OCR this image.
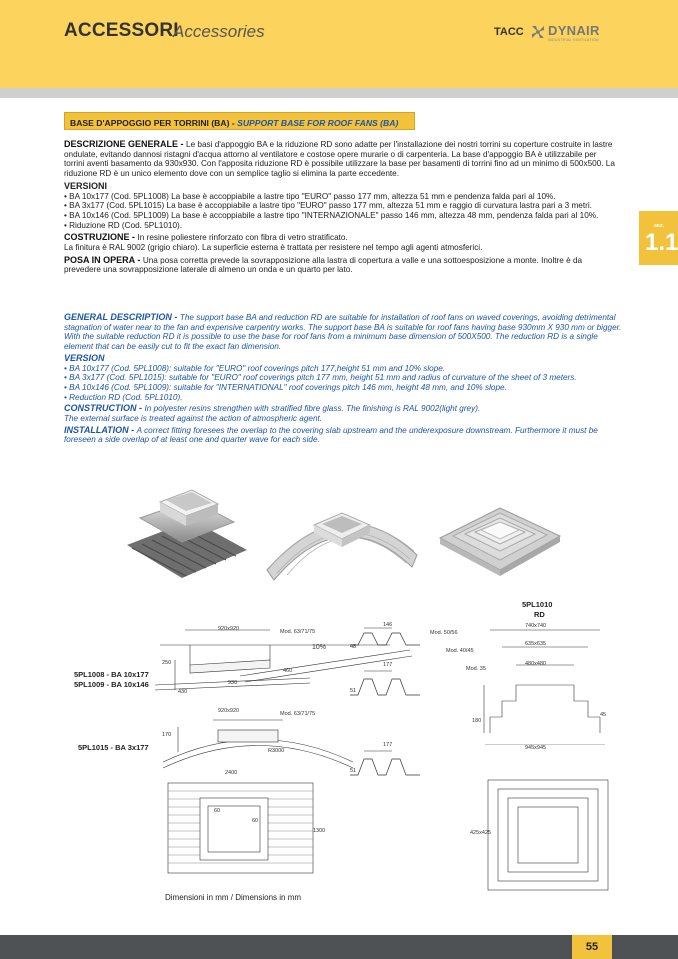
ACCESSORI
Accessories	TACC DYNAIR
INDUSTRIAL VENTILATION
SEZ.
1.1
BASE D'APPOGGIO PER TORRINI (BA) - SUPPORT BASE FOR ROOF FANS (BA)
DESCRIZIONE GENERALE - Le basi d'appoggio BA e la riduzione RD sono adatte per l'installazione dei nostri torrini su coperture costruite in lastre ondulate, evitando dannosi ristagni d'acqua attorno al ventilatore e costose opere murarie o di carpenteria. La base d'appoggio BA è utilizzabile per torrini aventi basamento da 930x930. Con l'apposita riduzione RD è possibile utilizzare la base per basamenti di torrini fino ad un minimo di 500x500. La riduzione RD è un unico elemento dove con un semplice taglio si elimina la parte eccedente.
VERSIONI
• BA 10x177 (Cod. 5PL1008) La base è accoppiabile a lastre tipo "EURO" passo 177 mm, altezza 51 mm e pendenza falda pari al 10%.
• BA 3x177 (Cod. 5PL1015) La base è accoppiabile a lastre tipo "EURO" passo 177 mm, altezza 51 mm e raggio di curvatura lastra pari a 3 metri.
• BA 10x146 (Cod. 5PL1009) La base è accoppiabile a lastre tipo "INTERNAZIONALE" passo 146 mm, altezza 48 mm, pendenza falda pari al 10%.
• Riduzione RD (Cod. 5PL1010).
COSTRUZIONE - In resine poliestere rinforzato con fibra di vetro stratificato.
La finitura è RAL 9002 (grigio chiaro). La superficie esterna è trattata per resistere nel tempo agli agenti atmosferici.
POSA IN OPERA - Una posa corretta prevede la sovrapposizione alla lastra di copertura a valle e una sottoesposizione a monte. Inoltre è da prevedere una sovrapposizione laterale di almeno un onda e un quarto per lato.
GENERAL DESCRIPTION - The support base BA and reduction RD are suitable for installation of roof fans on waved coverings, avoiding detrimental stagnation of water near to the fan and expensive carpentry works. The support base BA is suitable for roof fans having base 930mm X 930 mm or bigger. With the suitable reduction RD it is possible to use the base for roof fans from a minimum base dimension of 500X500. The reduction RD is a single element that can be easily cut to fit the exact fan dimension.
VERSION
• BA 10x177 (Cod. 5PL1008): suitable for "EURO" roof coverings pitch 177,height 51 mm and 10% slope.
• BA 3x177 (Cod. 5PL1015): suitable for "EURO" roof coverings pitch 177 mm, height 51 mm and radius of curvature of the sheet of 3 meters.
• BA 10x146 (Cod. 5PL1009): suitable for "INTERNATIONAL" roof coverings pitch 146 mm, height 48 mm, and 10% slope.
• Reduction RD (Cod. 5PL1010).
CONSTRUCTION - In polyester resins strengthen with stratified fibre glass. The finishing is RAL 9002(light grey).
The external surface is treated against the action of atmospheric agent.
INSTALLATION - A correct fitting foresees the overlap to the covering slab upstream and the underexposure downstream. Furthermore it must be foreseen a side overlap of at least one and quarter wave for each side.
920x920	Mod. 63/71/75
10%
250
930
460
430
5PL1008 - BA 10x177
5PL1009 - BA 10x146
146
48
177
51
920x920	Mod. 63/71/75
170
R3000
5PL1015 - BA 3x177	177
51
2400
60
60
1300
Dimensioni in mm / Dimensions in mm
5PL1010
RD
740x740
Mod. 50/56
635x635
Mod. 40/45
480x480
Mod. 35
180
45
945x945
425x425
55
